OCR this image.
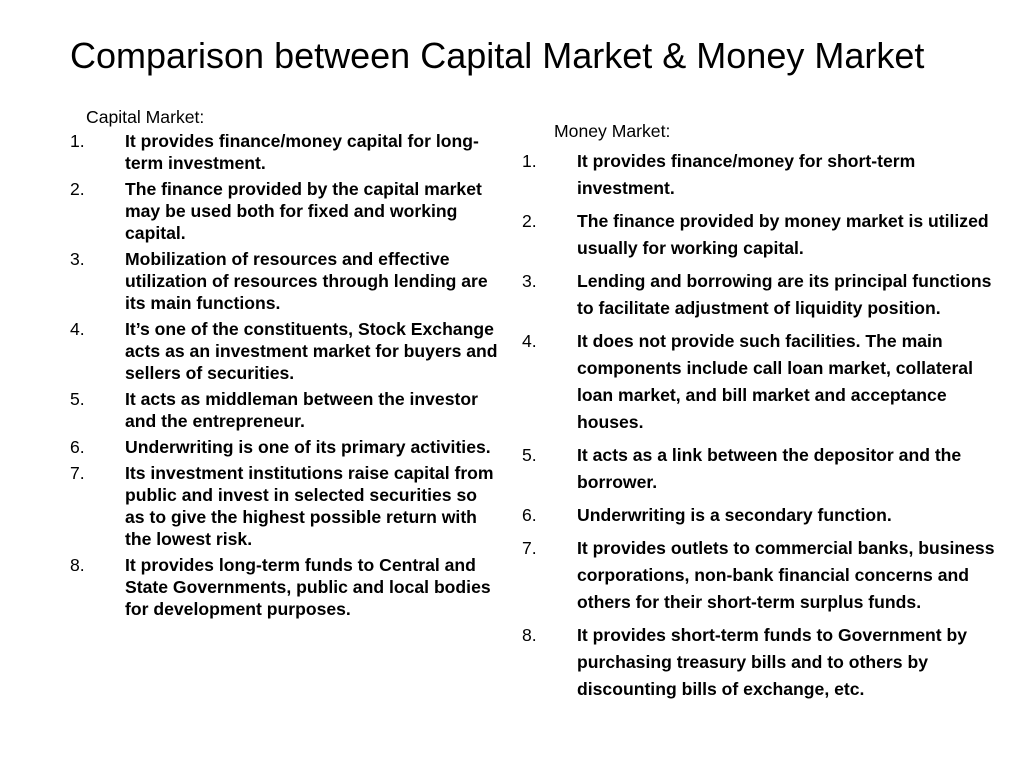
Comparison between Capital Market & Money Market
Capital Market:
1.	It provides finance/money capital for long-term investment.
2.	The finance provided by the capital market may be used both for fixed and working capital.
3.	Mobilization of resources and effective utilization of resources through lending are its main functions.
4.	It’s one of the constituents, Stock Exchange acts as an investment market for buyers and sellers of securities.
5.	It acts as middleman between the investor and the entrepreneur.
6.	Underwriting is one of its primary activities.
7.	Its investment institutions raise capital from public and invest in selected securities so as to give the highest possible return with the lowest risk.
8.	It provides long-term funds to Central and State Governments, public and local bodies for development purposes.
Money Market:
1.	It provides finance/money for short-term investment.
2.	The finance provided by money market is utilized usually for working capital.
3.	Lending and borrowing are its principal functions to facilitate adjustment of liquidity position.
4.	It does not provide such facilities. The main components include call loan market, collateral loan market, and bill market and acceptance houses.
5.	It acts as a link between the depositor and the borrower.
6.	Underwriting is a secondary function.
7.	It provides outlets to commercial banks, business corporations, non-bank financial concerns and others for their short-term surplus funds.
8.	It provides short-term funds to Government by purchasing treasury bills and to others by discounting bills of exchange, etc.
